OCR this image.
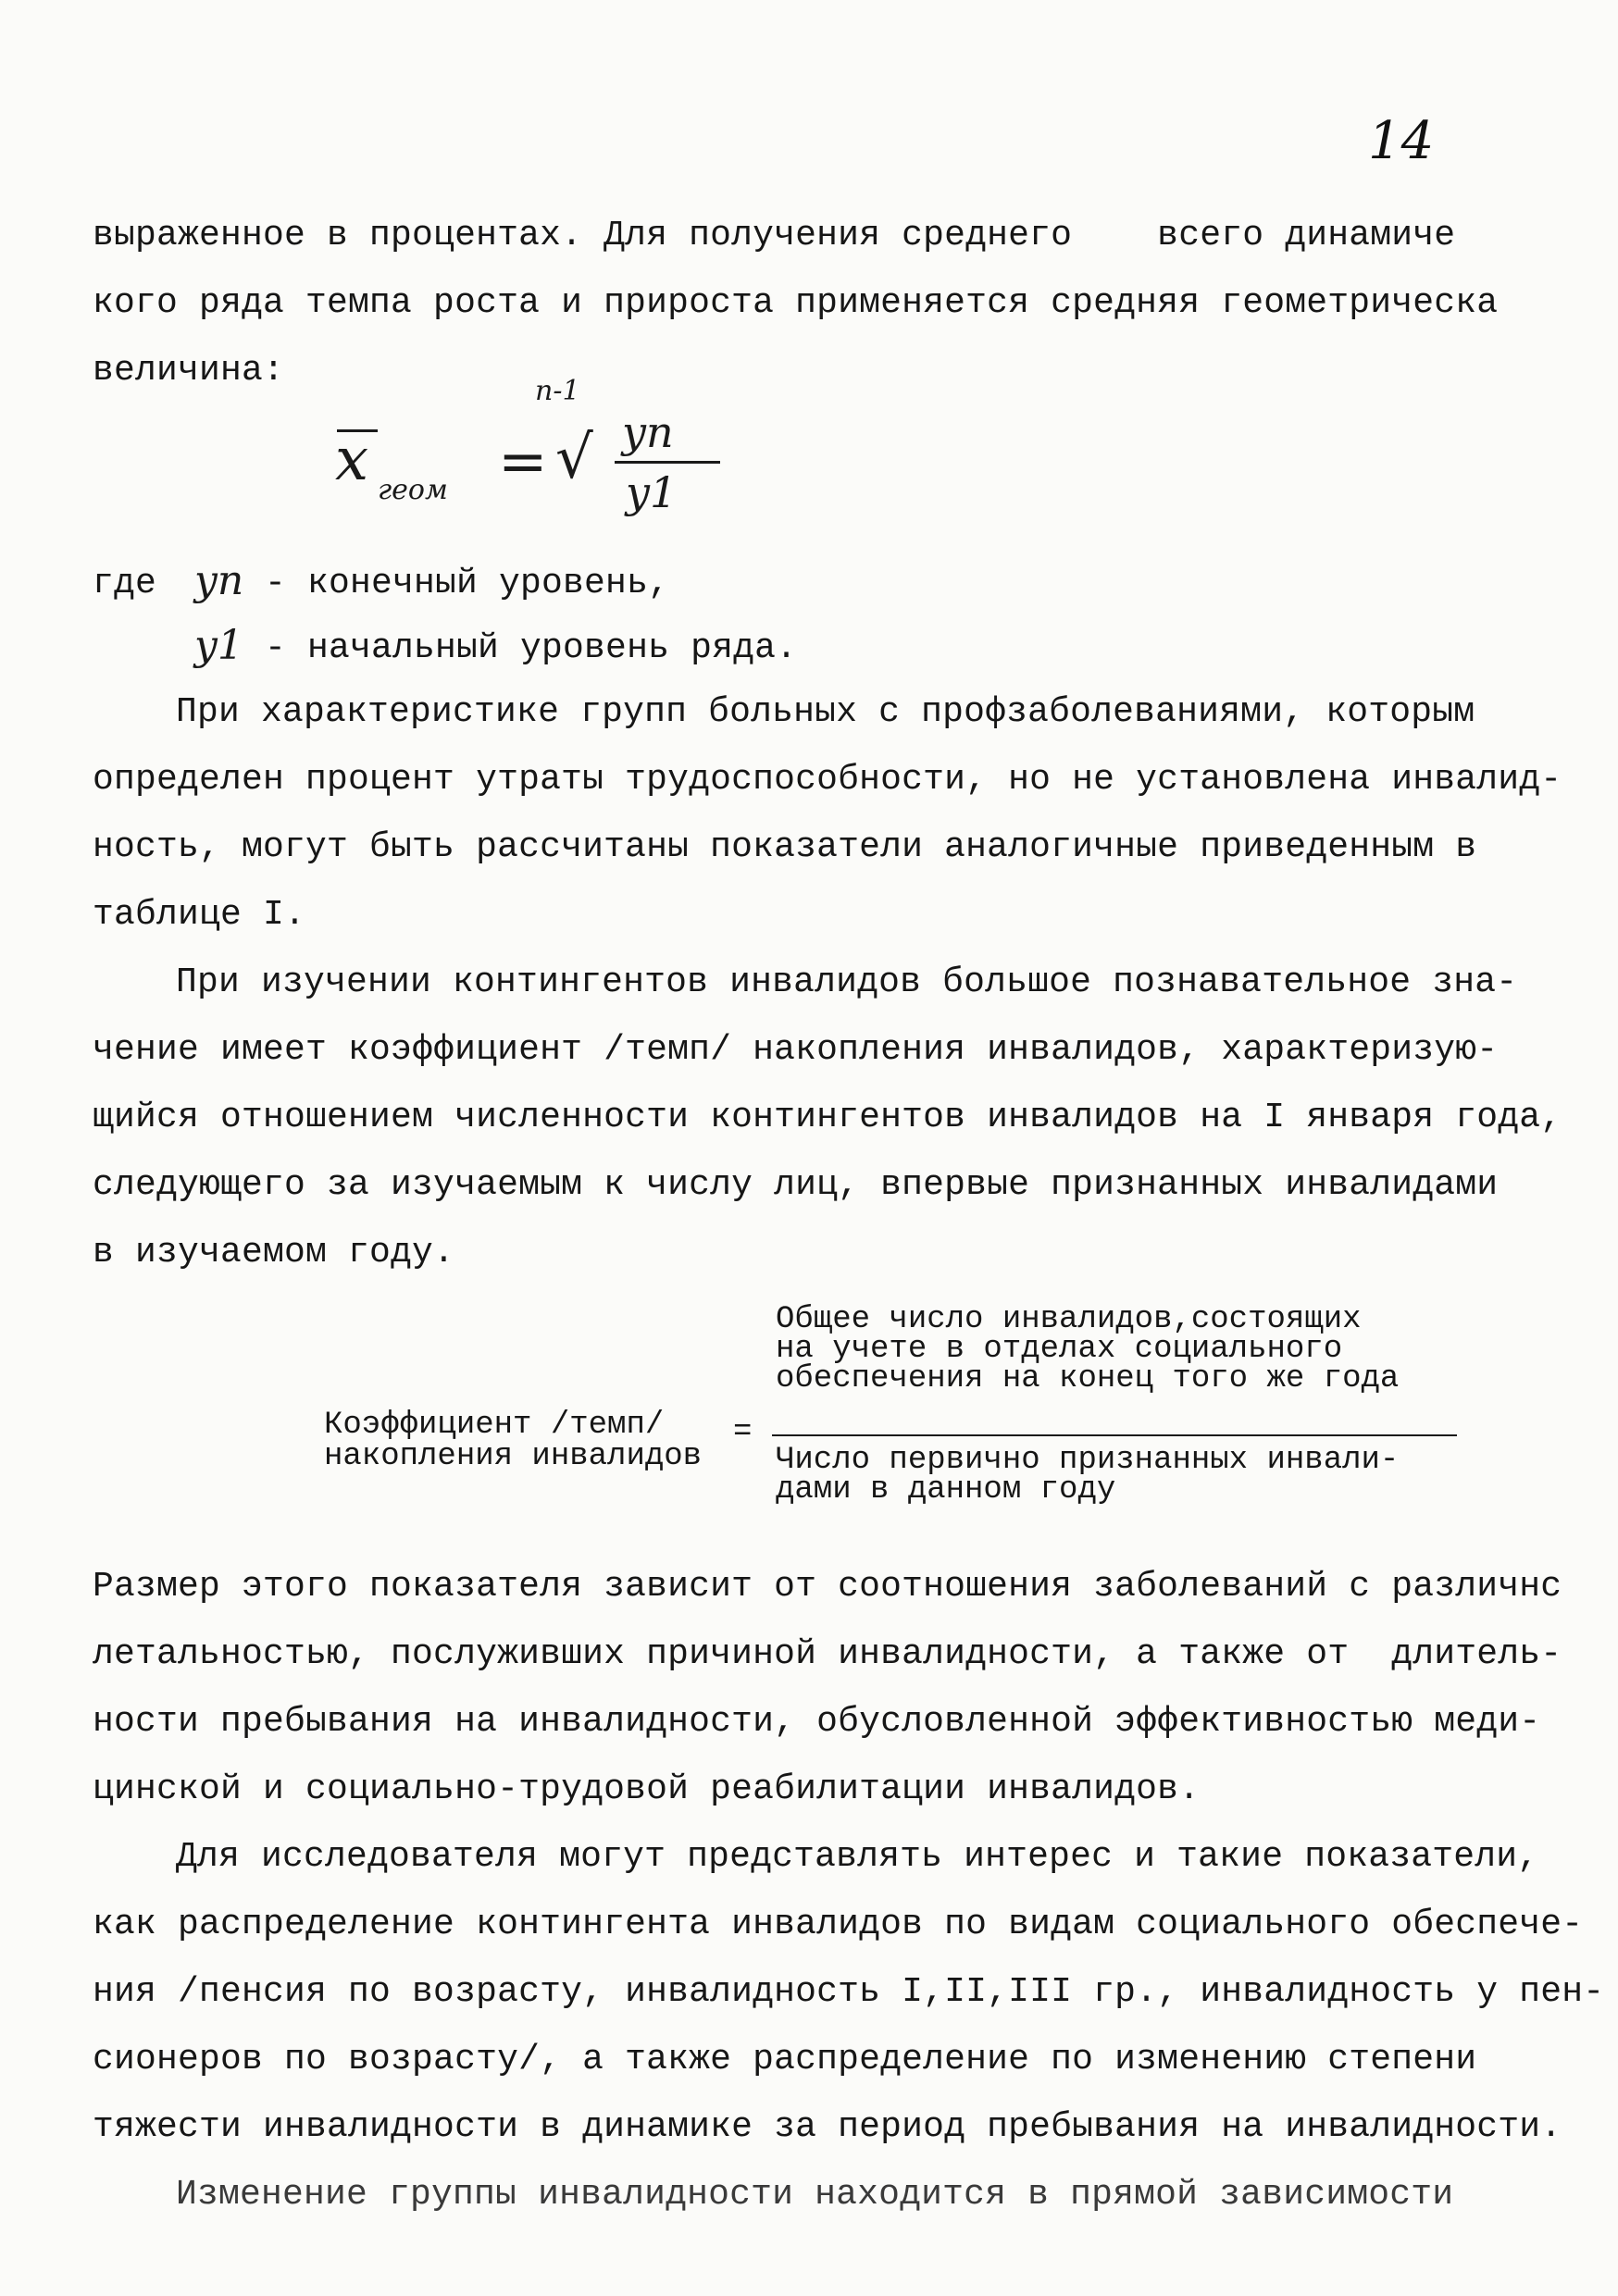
14
выраженное в процентах. Для получения среднего    всего динамиче
кого ряда темпа роста и прироста применяется средняя геометрическа
величина:
n-1
x геом = √ yn
y1
где yn - конечный уровень,
y1 - начальный уровень ряда.
При характеристике групп больных с профзаболеваниями, которым
определен процент утраты трудоспособности, но не установлена инвалид-
ность, могут быть рассчитаны показатели аналогичные приведенным в
таблице I.
При изучении контингентов инвалидов большое познавательное зна-
чение имеет коэффициент /темп/ накопления инвалидов, характеризую-
щийся отношением численности контингентов инвалидов на I января года,
следующего за изучаемым к числу лиц, впервые признанных инвалидами
в изучаемом году.
Общее число инвалидов,состоящих
на учете в отделах социального
обеспечения на конец того же года
Коэффициент /темп/
накопления инвалидов
=
Число первично признанных инвали-
дами в данном году
Размер этого показателя зависит от соотношения заболеваний с различнс
летальностью, послуживших причиной инвалидности, а также от  длитель-
ности пребывания на инвалидности, обусловленной эффективностью меди-
цинской и социально-трудовой реабилитации инвалидов.
Для исследователя могут представлять интерес и такие показатели,
как распределение контингента инвалидов по видам социального обеспече-
ния /пенсия по возрасту, инвалидность I,II,III гр., инвалидность у пен-
сионеров по возрасту/, а также распределение по изменению степени
тяжести инвалидности в динамике за период пребывания на инвалидности.
Изменение группы инвалидности находится в прямой зависимости
